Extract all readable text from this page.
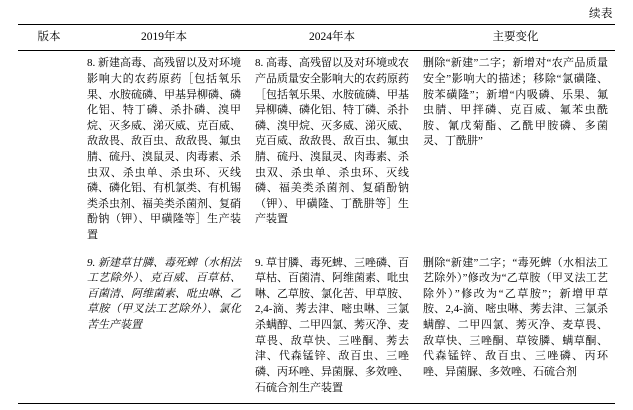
续表
版本	2019年本	2024年本	主要变化

	8. 新建高毒、高残留以及对环境影响大的农药原药［包括氧乐果、水胺硫磷、甲基异柳磷、磷化铝、特丁磷、杀扑磷、溴甲烷、灭多威、涕灭威、克百威、敌敌畏、敌百虫、敌敌畏、氟虫腈、硫丹、溴鼠灵、肉毒素、杀虫双、杀虫单、杀虫环、灭线磷、磷化铝、有机氯类、有机锡类杀虫剂、福美类杀菌剂、复硝酚钠（钾）、甲磺隆等］生产装置	8. 高毒、高残留以及对环境或农产品质量安全影响大的农药原药［包括氧乐果、水胺硫磷、甲基异柳磷、磷化铝、特丁磷、杀扑磷、溴甲烷、灭多威、涕灭威、克百威、敌敌畏、敌百虫、氟虫腈、硫丹、溴鼠灵、肉毒素、杀虫双、杀虫单、杀虫环、灭线磷、福美类杀菌剂、复硝酚钠（钾）、甲磺隆、丁酰肼等］生产装置	删除“新建”二字；新增对“农产品质量安全”影响大的描述；移除“氯磺隆、胺苯磺隆”；新增“内吸磷、乐果、氟虫腈、甲拌磷、克百威、氟苯虫酰胺、氰戊菊酯、乙酰甲胺磷、多菌灵、丁酰肼”

	9. 新建草甘膦、毒死蜱（水相法工艺除外）、克百威、百草枯、百菌清、阿维菌素、吡虫啉、乙草胺（甲叉法工艺除外）、氯化苦生产装置	9. 草甘膦、毒死蜱、三唑磷、百草枯、百菌清、阿维菌素、吡虫啉、乙草胺、氯化苦、甲草胺、2,4-滴、莠去津、嘧虫啉、三氯杀螨醇、二甲四氯、莠灭净、麦草畏、敌草快、三唑酮、莠去津、代森锰锌、敌百虫、三唑磷、丙环唑、异菌脲、多效唑、石硫合剂生产装置	删除“新建”二字；“毒死蜱（水相法工艺除外）”修改为“乙草胺（甲叉法工艺除外）”修改为“乙草胺”；新增甲草胺、2,4-滴、嘧虫啉、莠去津、三氯杀螨醇、二甲四氯、莠灭净、麦草畏、敌草快、三唑酮、草铵膦、螨草酮、代森锰锌、敌百虫、三唑磷、丙环唑、异菌脲、多效唑、石硫合剂
